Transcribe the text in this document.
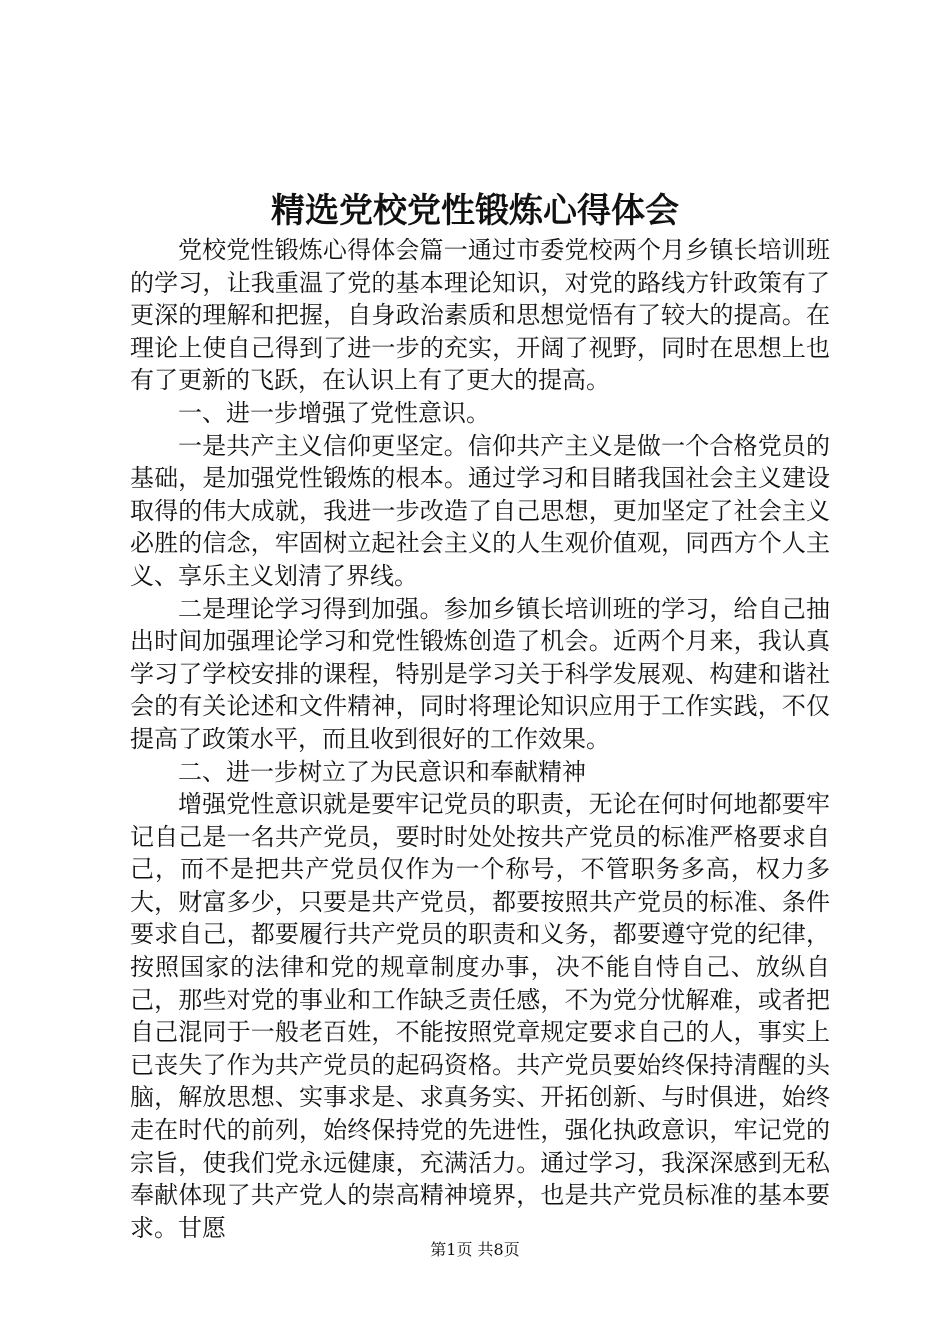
精选党校党性锻炼心得体会

党校党性锻炼心得体会篇一通过市委党校两个月乡镇长培训班的学习，让我重温了党的基本理论知识，对党的路线方针政策有了更深的理解和把握，自身政治素质和思想觉悟有了较大的提高。在理论上使自己得到了进一步的充实，开阔了视野，同时在思想上也有了更新的飞跃，在认识上有了更大的提高。

一、进一步增强了党性意识。

一是共产主义信仰更坚定。信仰共产主义是做一个合格党员的基础，是加强党性锻炼的根本。通过学习和目睹我国社会主义建设取得的伟大成就，我进一步改造了自己思想，更加坚定了社会主义必胜的信念，牢固树立起社会主义的人生观价值观，同西方个人主义、享乐主义划清了界线。

二是理论学习得到加强。参加乡镇长培训班的学习，给自己抽出时间加强理论学习和党性锻炼创造了机会。近两个月来，我认真学习了学校安排的课程，特别是学习关于科学发展观、构建和谐社会的有关论述和文件精神，同时将理论知识应用于工作实践，不仅提高了政策水平，而且收到很好的工作效果。

二、进一步树立了为民意识和奉献精神

增强党性意识就是要牢记党员的职责，无论在何时何地都要牢记自己是一名共产党员，要时时处处按共产党员的标准严格要求自己，而不是把共产党员仅作为一个称号，不管职务多高，权力多大，财富多少，只要是共产党员，都要按照共产党员的标准、条件要求自己，都要履行共产党员的职责和义务，都要遵守党的纪律，按照国家的法律和党的规章制度办事，决不能自恃自己、放纵自己，那些对党的事业和工作缺乏责任感，不为党分忧解难，或者把自己混同于一般老百姓，不能按照党章规定要求自己的人，事实上已丧失了作为共产党员的起码资格。共产党员要始终保持清醒的头脑，解放思想、实事求是、求真务实、开拓创新、与时俱进，始终走在时代的前列，始终保持党的先进性，强化执政意识，牢记党的宗旨，使我们党永远健康，充满活力。通过学习，我深深感到无私奉献体现了共产党人的崇高精神境界，也是共产党员标准的基本要求。甘愿

第1页 共8页
